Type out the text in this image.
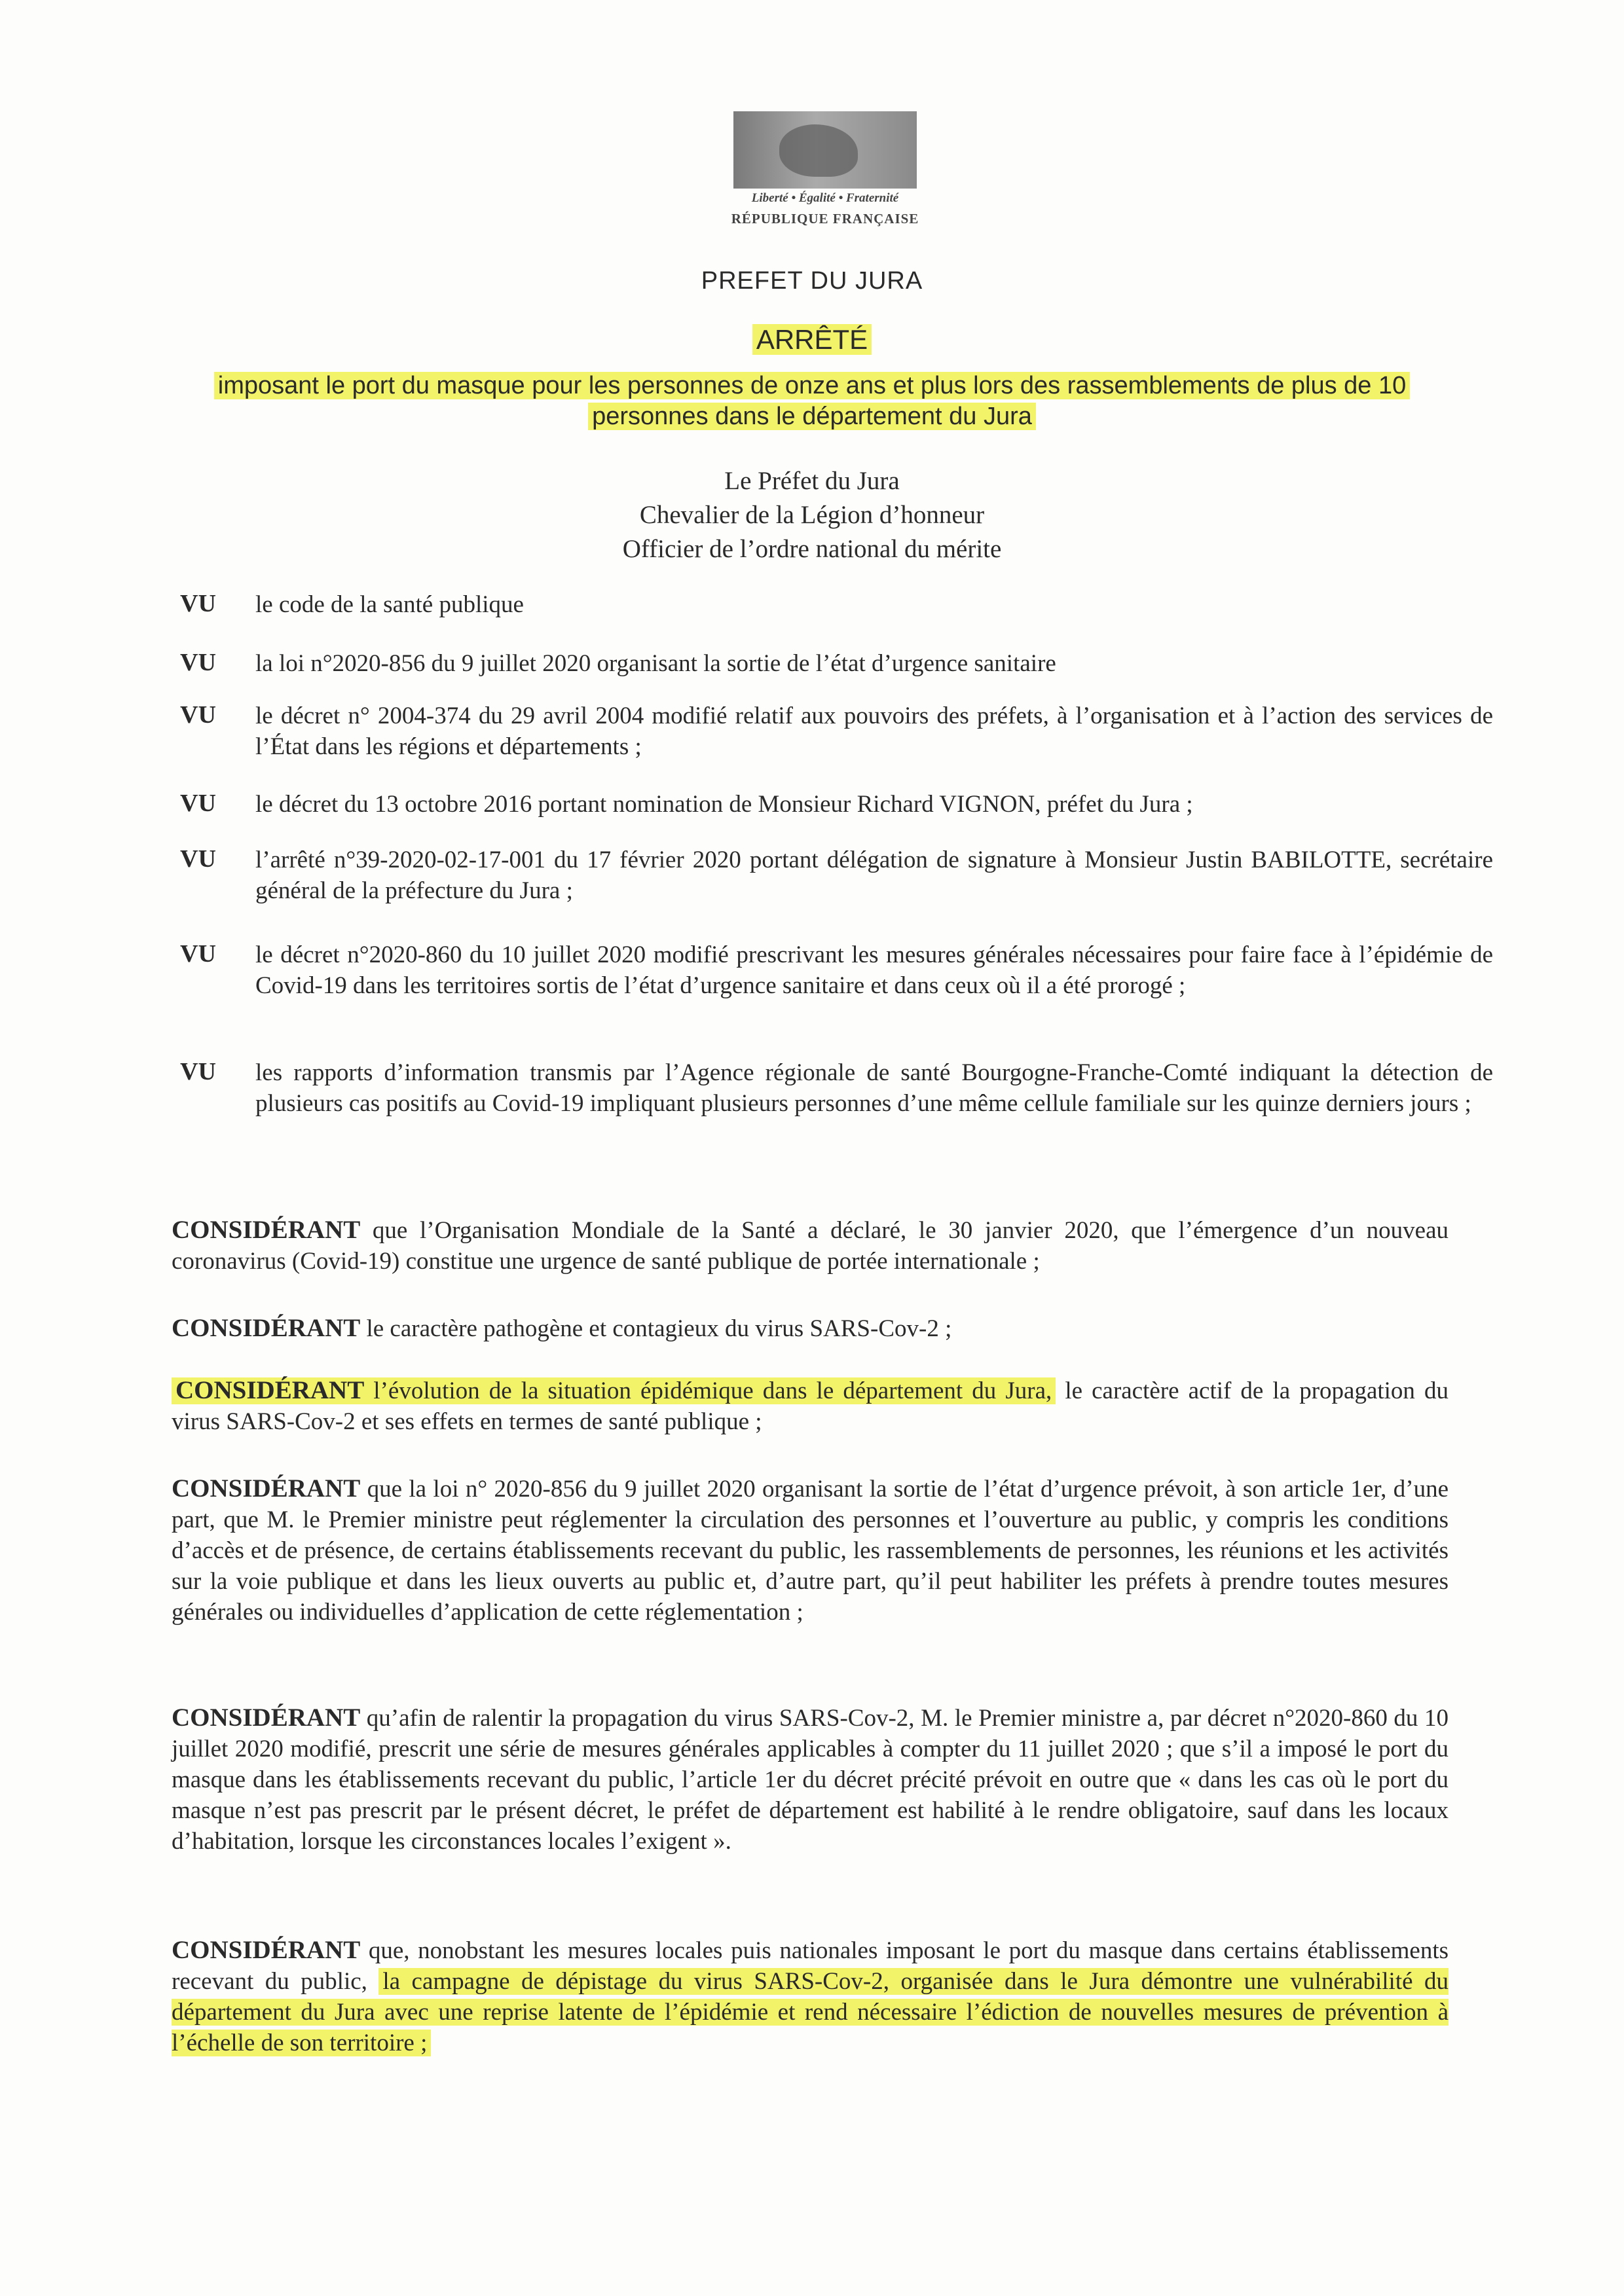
Liberté • Égalité • Fraternité
RÉPUBLIQUE FRANÇAISE
PREFET DU JURA
ARRÊTÉ
imposant le port du masque pour les personnes de onze ans et plus lors des rassemblements de plus de 10
personnes dans le département du Jura
Le Préfet du Jura
Chevalier de la Légion d’honneur
Officier de l’ordre national du mérite
VU le code de la santé publique
VU la loi n°2020-856 du 9 juillet 2020 organisant la sortie de l’état d’urgence sanitaire
VU le décret n° 2004-374 du 29 avril 2004 modifié relatif aux pouvoirs des préfets, à l’organisation et à l’action des services de l’État dans les régions et départements ;
VU le décret du 13 octobre 2016 portant nomination de Monsieur Richard VIGNON, préfet du Jura ;
VU l’arrêté n°39-2020-02-17-001 du 17 février 2020 portant délégation de signature à Monsieur Justin BABILOTTE, secrétaire général de la préfecture du Jura ;
VU le décret n°2020-860 du 10 juillet 2020 modifié prescrivant les mesures générales nécessaires pour faire face à l’épidémie de Covid-19 dans les territoires sortis de l’état d’urgence sanitaire et dans ceux où il a été prorogé ;
VU les rapports d’information transmis par l’Agence régionale de santé Bourgogne-Franche-Comté indiquant la détection de plusieurs cas positifs au Covid-19 impliquant plusieurs personnes d’une même cellule familiale sur les quinze derniers jours ;
CONSIDÉRANT que l’Organisation Mondiale de la Santé a déclaré, le 30 janvier 2020, que l’émergence d’un nouveau coronavirus (Covid-19) constitue une urgence de santé publique de portée internationale ;
CONSIDÉRANT le caractère pathogène et contagieux du virus SARS-Cov-2 ;
CONSIDÉRANT l’évolution de la situation épidémique dans le département du Jura, le caractère actif de la propagation du virus SARS-Cov-2 et ses effets en termes de santé publique ;
CONSIDÉRANT que la loi n° 2020-856 du 9 juillet 2020 organisant la sortie de l’état d’urgence prévoit, à son article 1er, d’une part, que M. le Premier ministre peut réglementer la circulation des personnes et l’ouverture au public, y compris les conditions d’accès et de présence, de certains établissements recevant du public, les rassemblements de personnes, les réunions et les activités sur la voie publique et dans les lieux ouverts au public et, d’autre part, qu’il peut habiliter les préfets à prendre toutes mesures générales ou individuelles d’application de cette réglementation ;
CONSIDÉRANT qu’afin de ralentir la propagation du virus SARS-Cov-2, M. le Premier ministre a, par décret n°2020-860 du 10 juillet 2020 modifié, prescrit une série de mesures générales applicables à compter du 11 juillet 2020 ; que s’il a imposé le port du masque dans les établissements recevant du public, l’article 1er du décret précité prévoit en outre que « dans les cas où le port du masque n’est pas prescrit par le présent décret, le préfet de département est habilité à le rendre obligatoire, sauf dans les locaux d’habitation, lorsque les circonstances locales l’exigent ».
CONSIDÉRANT que, nonobstant les mesures locales puis nationales imposant le port du masque dans certains établissements recevant du public, la campagne de dépistage du virus SARS-Cov-2, organisée dans le Jura démontre une vulnérabilité du département du Jura avec une reprise latente de l’épidémie et rend nécessaire l’édiction de nouvelles mesures de prévention à l’échelle de son territoire ;
